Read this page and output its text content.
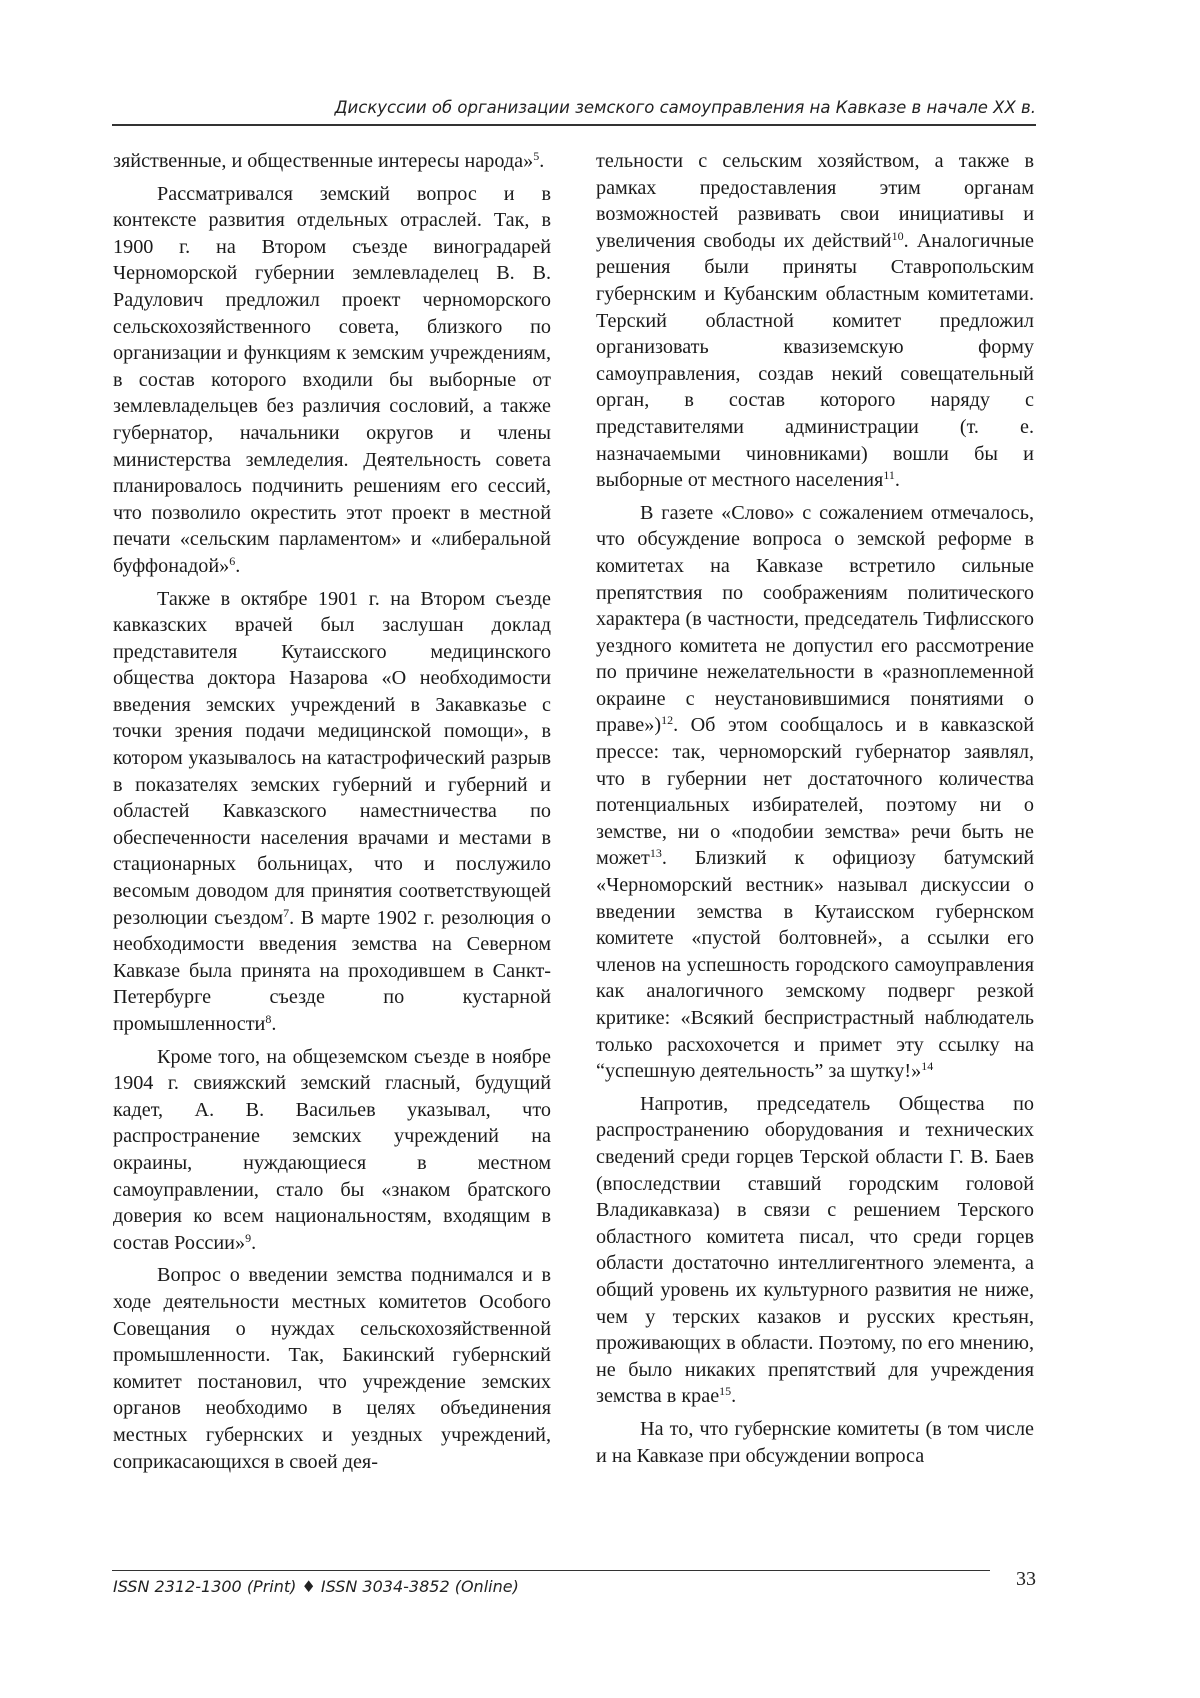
Дискуссии об организации земского самоуправления на Кавказе в начале XX в.

зяйственные, и общественные интересы народа»$^5$.

Рассматривался земский вопрос и в контексте развития отдельных отраслей. Так, в 1900 г. на Втором съезде виноградарей Черноморской губернии землевладелец В. В. Радулович предложил проект черноморского сельскохозяйственного совета, близкого по организации и функциям к земским учреждениям, в состав которого входили бы выборные от землевладельцев без различия сословий, а также губернатор, начальники округов и члены министерства земледелия. Деятельность совета планировалось подчинить решениям его сессий, что позволило окрестить этот проект в местной печати «сельским парламентом» и «либеральной буффонадой»$^6$.

Также в октябре 1901 г. на Втором съезде кавказских врачей был заслушан доклад представителя Кутаисского медицинского общества доктора Назарова «О необходимости введения земских учреждений в Закавказье с точки зрения подачи медицинской помощи», в котором указывалось на катастрофический разрыв в показателях земских губерний и губерний и областей Кавказского наместничества по обеспеченности населения врачами и местами в стационарных больницах, что и послужило весомым доводом для принятия соответствующей резолюции съездом$^7$. В марте 1902 г. резолюция о необходимости введения земства на Северном Кавказе была принята на проходившем в Санкт-Петербурге съезде по кустарной промышленности$^8$.

Кроме того, на общеземском съезде в ноябре 1904 г. свияжский земский гласный, будущий кадет, А. В. Васильев указывал, что распространение земских учреждений на окраины, нуждающиеся в местном самоуправлении, стало бы «знаком братского доверия ко всем национальностям, входящим в состав России»$^9$.

Вопрос о введении земства поднимался и в ходе деятельности местных комитетов Особого Совещания о нуждах сельскохозяйственной промышленности. Так, Бакинский губернский комитет постановил, что учреждение земских органов необходимо в целях объединения местных губернских и уездных учреждений, соприкасающихся в своей дея-

тельности с сельским хозяйством, а также в рамках предоставления этим органам возможностей развивать свои инициативы и увеличения свободы их действий$^{10}$. Аналогичные решения были приняты Ставропольским губернским и Кубанским областным комитетами. Терский областной комитет предложил организовать квазиземскую форму самоуправления, создав некий совещательный орган, в состав которого наряду с представителями администрации (т. е. назначаемыми чиновниками) вошли бы и выборные от местного населения$^{11}$.

В газете «Слово» с сожалением отмечалось, что обсуждение вопроса о земской реформе в комитетах на Кавказе встретило сильные препятствия по соображениям политического характера (в частности, председатель Тифлисского уездного комитета не допустил его рассмотрение по причине нежелательности в «разноплеменной окраине с неустановившимися понятиями о праве»)$^{12}$. Об этом сообщалось и в кавказской прессе: так, черноморский губернатор заявлял, что в губернии нет достаточного количества потенциальных избирателей, поэтому ни о земстве, ни о «подобии земства» речи быть не может$^{13}$. Близкий к официозу батумский «Черноморский вестник» называл дискуссии о введении земства в Кутаисском губернском комитете «пустой болтовней», а ссылки его членов на успешность городского самоуправления как аналогичного земскому подверг резкой критике: «Всякий беспристрастный наблюдатель только расхохочется и примет эту ссылку на “успешную деятельность” за шутку!»$^{14}$

Напротив, председатель Общества по распространению оборудования и технических сведений среди горцев Терской области Г. В. Баев (впоследствии ставший городским головой Владикавказа) в связи с решением Терского областного комитета писал, что среди горцев области достаточно интеллигентного элемента, а общий уровень их культурного развития не ниже, чем у терских казаков и русских крестьян, проживающих в области. Поэтому, по его мнению, не было никаких препятствий для учреждения земства в крае$^{15}$.

На то, что губернские комитеты (в том числе и на Кавказе при обсуждении вопроса

ISSN 2312-1300 (Print) ♦ ISSN 3034-3852 (Online)	33
